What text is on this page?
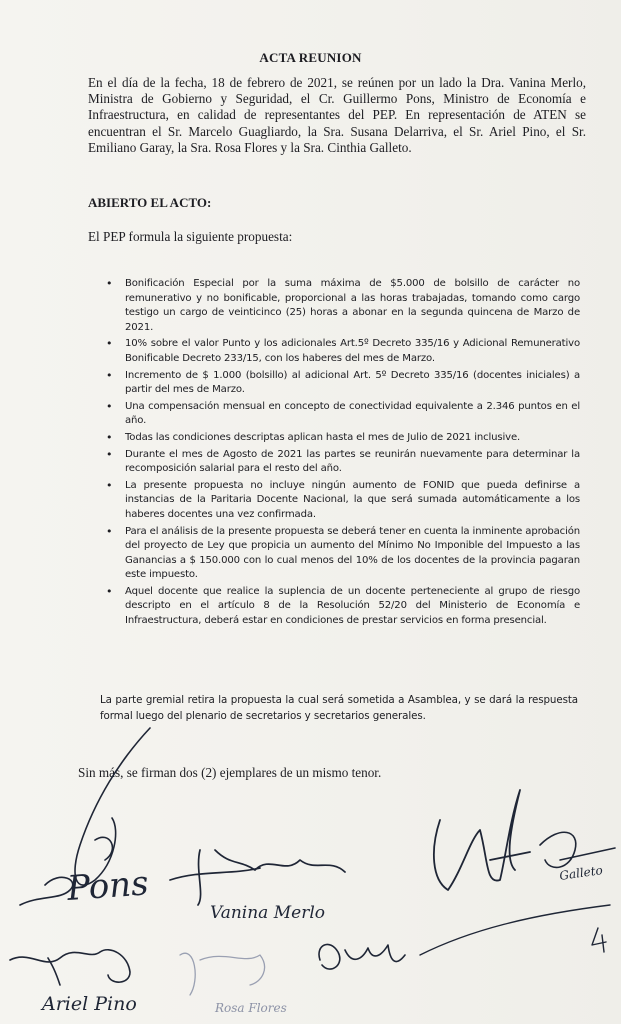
ACTA REUNION

En el día de la fecha, 18 de febrero de 2021, se reúnen por un lado la Dra. Vanina Merlo, Ministra de Gobierno y Seguridad, el Cr. Guillermo Pons, Ministro de Economía e Infraestructura, en calidad de representantes del PEP. En representación de ATEN se encuentran el Sr. Marcelo Guagliardo, la Sra. Susana Delarriva, el Sr. Ariel Pino, el Sr. Emiliano Garay, la Sra. Rosa Flores y la Sra. Cinthia Galleto.

ABIERTO EL ACTO:
El PEP formula la siguiente propuesta:
• Bonificación Especial por la suma máxima de $5.000 de bolsillo de carácter no remunerativo y no bonificable, proporcional a las horas trabajadas, tomando como cargo testigo un cargo de veinticinco (25) horas a abonar en la segunda quincena de Marzo de 2021.
• 10% sobre el valor Punto y los adicionales Art.5º Decreto 335/16 y Adicional Remunerativo Bonificable Decreto 233/15, con los haberes del mes de Marzo.
• Incremento de $ 1.000 (bolsillo) al adicional Art. 5º Decreto 335/16 (docentes iniciales) a partir del mes de Marzo.
• Una compensación mensual en concepto de conectividad equivalente a 2.346 puntos en el año.
• Todas las condiciones descriptas aplican hasta el mes de Julio de 2021 inclusive.
• Durante el mes de Agosto de 2021 las partes se reunirán nuevamente para determinar la recomposición salarial para el resto del año.
• La presente propuesta no incluye ningún aumento de FONID que pueda definirse a instancias de la Paritaria Docente Nacional, la que será sumada automáticamente a los haberes docentes una vez confirmada.
• Para el análisis de la presente propuesta se deberá tener en cuenta la inminente aprobación del proyecto de Ley que propicia un aumento del Mínimo No Imponible del Impuesto a las Ganancias a $ 150.000 con lo cual menos del 10% de los docentes de la provincia pagaran este impuesto.
• Aquel docente que realice la suplencia de un docente perteneciente al grupo de riesgo descripto en el artículo 8 de la Resolución 52/20 del Ministerio de Economía e Infraestructura, deberá estar en condiciones de prestar servicios en forma presencial.

La parte gremial retira la propuesta la cual será sometida a Asamblea, y se dará la respuesta formal luego del plenario de secretarios y secretarios generales.

Sin más, se firman dos (2) ejemplares de un mismo tenor.
Pons
Vanina Merlo
Galleto
Ariel Pino	Rosa Flores
